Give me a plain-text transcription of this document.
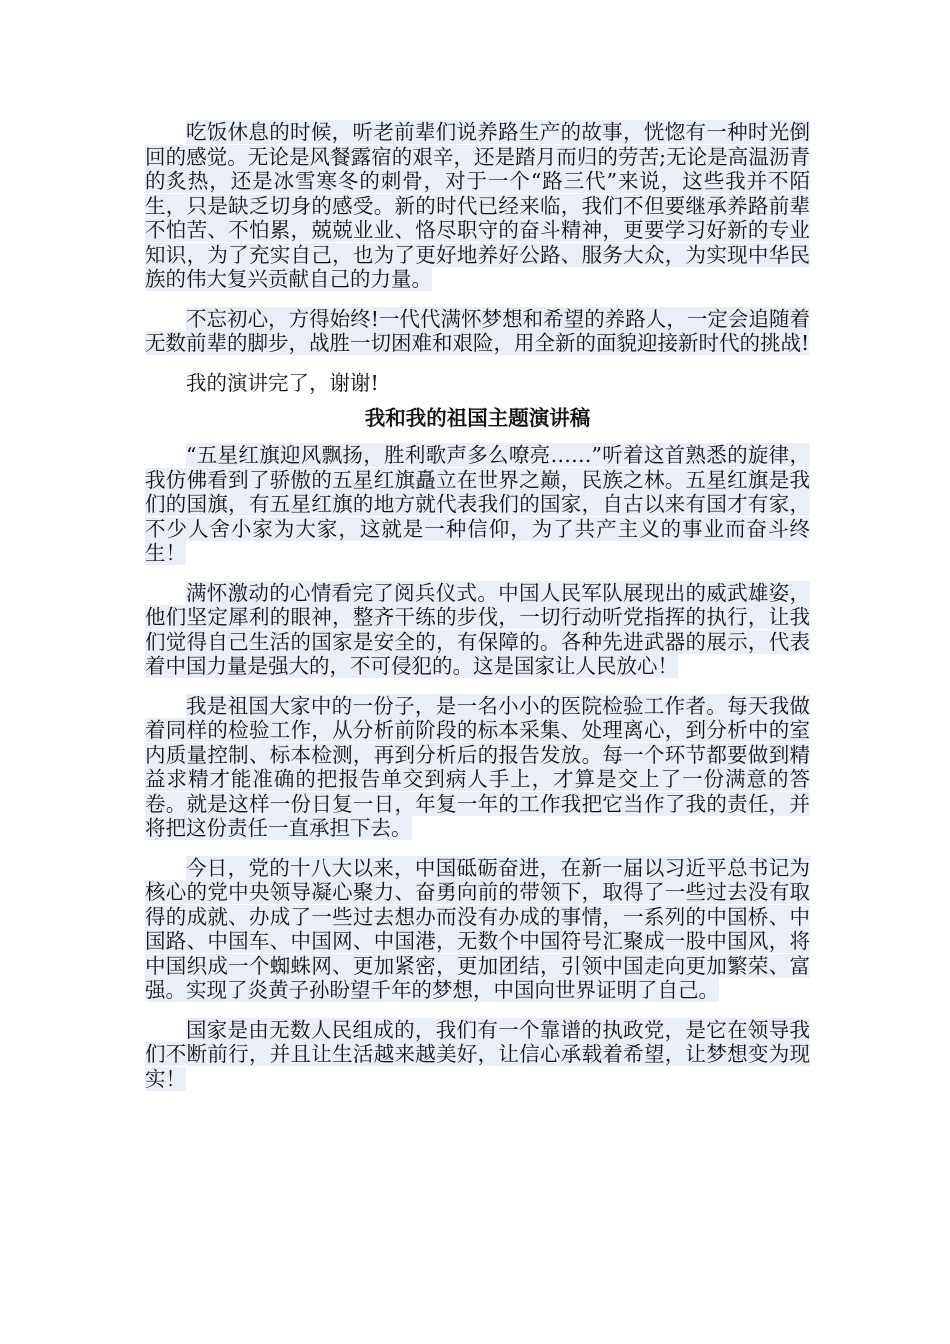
吃饭休息的时候，听老前辈们说养路生产的故事，恍惚有一种时光倒回的感觉。无论是风餐露宿的艰辛，还是踏月而归的劳苦;无论是高温沥青的炙热，还是冰雪寒冬的刺骨，对于一个“路三代”来说，这些我并不陌生，只是缺乏切身的感受。新的时代已经来临，我们不但要继承养路前辈不怕苦、不怕累，兢兢业业、恪尽职守的奋斗精神，更要学习好新的专业知识，为了充实自己，也为了更好地养好公路、服务大众，为实现中华民族的伟大复兴贡献自己的力量。

不忘初心，方得始终!一代代满怀梦想和希望的养路人，一定会追随着无数前辈的脚步，战胜一切困难和艰险，用全新的面貌迎接新时代的挑战!

我的演讲完了，谢谢!

我和我的祖国主题演讲稿

“五星红旗迎风飘扬，胜利歌声多么嘹亮……”听着这首熟悉的旋律，我仿佛看到了骄傲的五星红旗矗立在世界之巅，民族之林。五星红旗是我们的国旗，有五星红旗的地方就代表我们的国家，自古以来有国才有家，不少人舍小家为大家，这就是一种信仰，为了共产主义的事业而奋斗终生！

满怀激动的心情看完了阅兵仪式。中国人民军队展现出的威武雄姿，他们坚定犀利的眼神，整齐干练的步伐，一切行动听党指挥的执行，让我们觉得自己生活的国家是安全的，有保障的。各种先进武器的展示，代表着中国力量是强大的，不可侵犯的。这是国家让人民放心！

我是祖国大家中的一份子，是一名小小的医院检验工作者。每天我做着同样的检验工作，从分析前阶段的标本采集、处理离心，到分析中的室内质量控制、标本检测，再到分析后的报告发放。每一个环节都要做到精益求精才能准确的把报告单交到病人手上，才算是交上了一份满意的答卷。就是这样一份日复一日，年复一年的工作我把它当作了我的责任，并将把这份责任一直承担下去。

今日，党的十八大以来，中国砥砺奋进，在新一届以习近平总书记为核心的党中央领导凝心聚力、奋勇向前的带领下，取得了一些过去没有取得的成就、办成了一些过去想办而没有办成的事情，一系列的中国桥、中国路、中国车、中国网、中国港，无数个中国符号汇聚成一股中国风，将中国织成一个蜘蛛网、更加紧密，更加团结，引领中国走向更加繁荣、富强。实现了炎黄子孙盼望千年的梦想，中国向世界证明了自己。

国家是由无数人民组成的，我们有一个靠谱的执政党，是它在领导我们不断前行，并且让生活越来越美好，让信心承载着希望，让梦想变为现实！
